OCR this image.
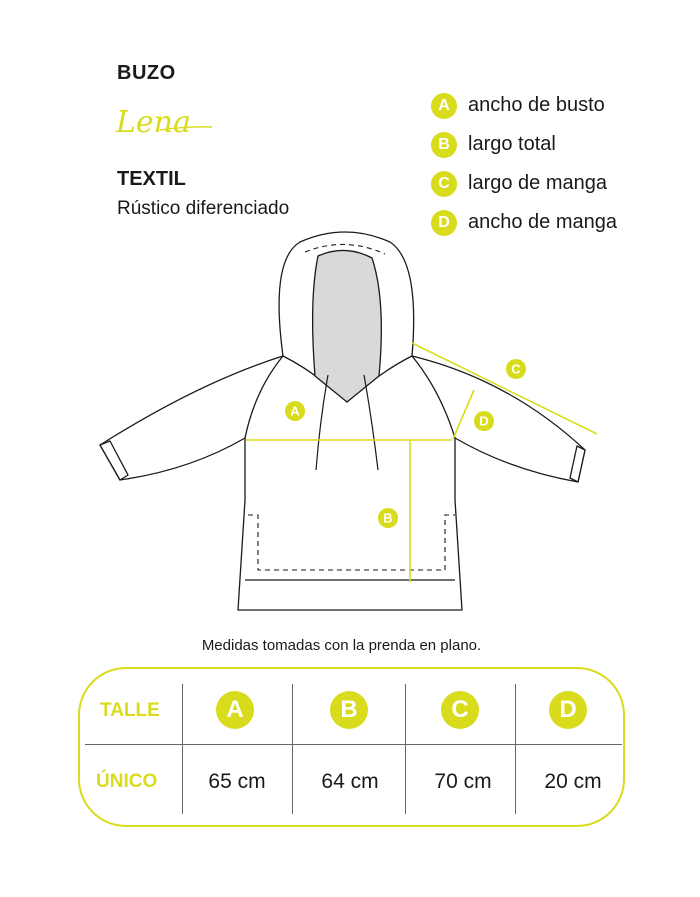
BUZO
Lena
TEXTIL
Rústico diferenciado
A ancho de busto
B largo total
C largo de manga
D ancho de manga
A
B
C
D
Medidas tomadas con la prenda en plano.
TALLE	A	B	C	D
ÚNICO	65 cm	64 cm	70 cm	20 cm
